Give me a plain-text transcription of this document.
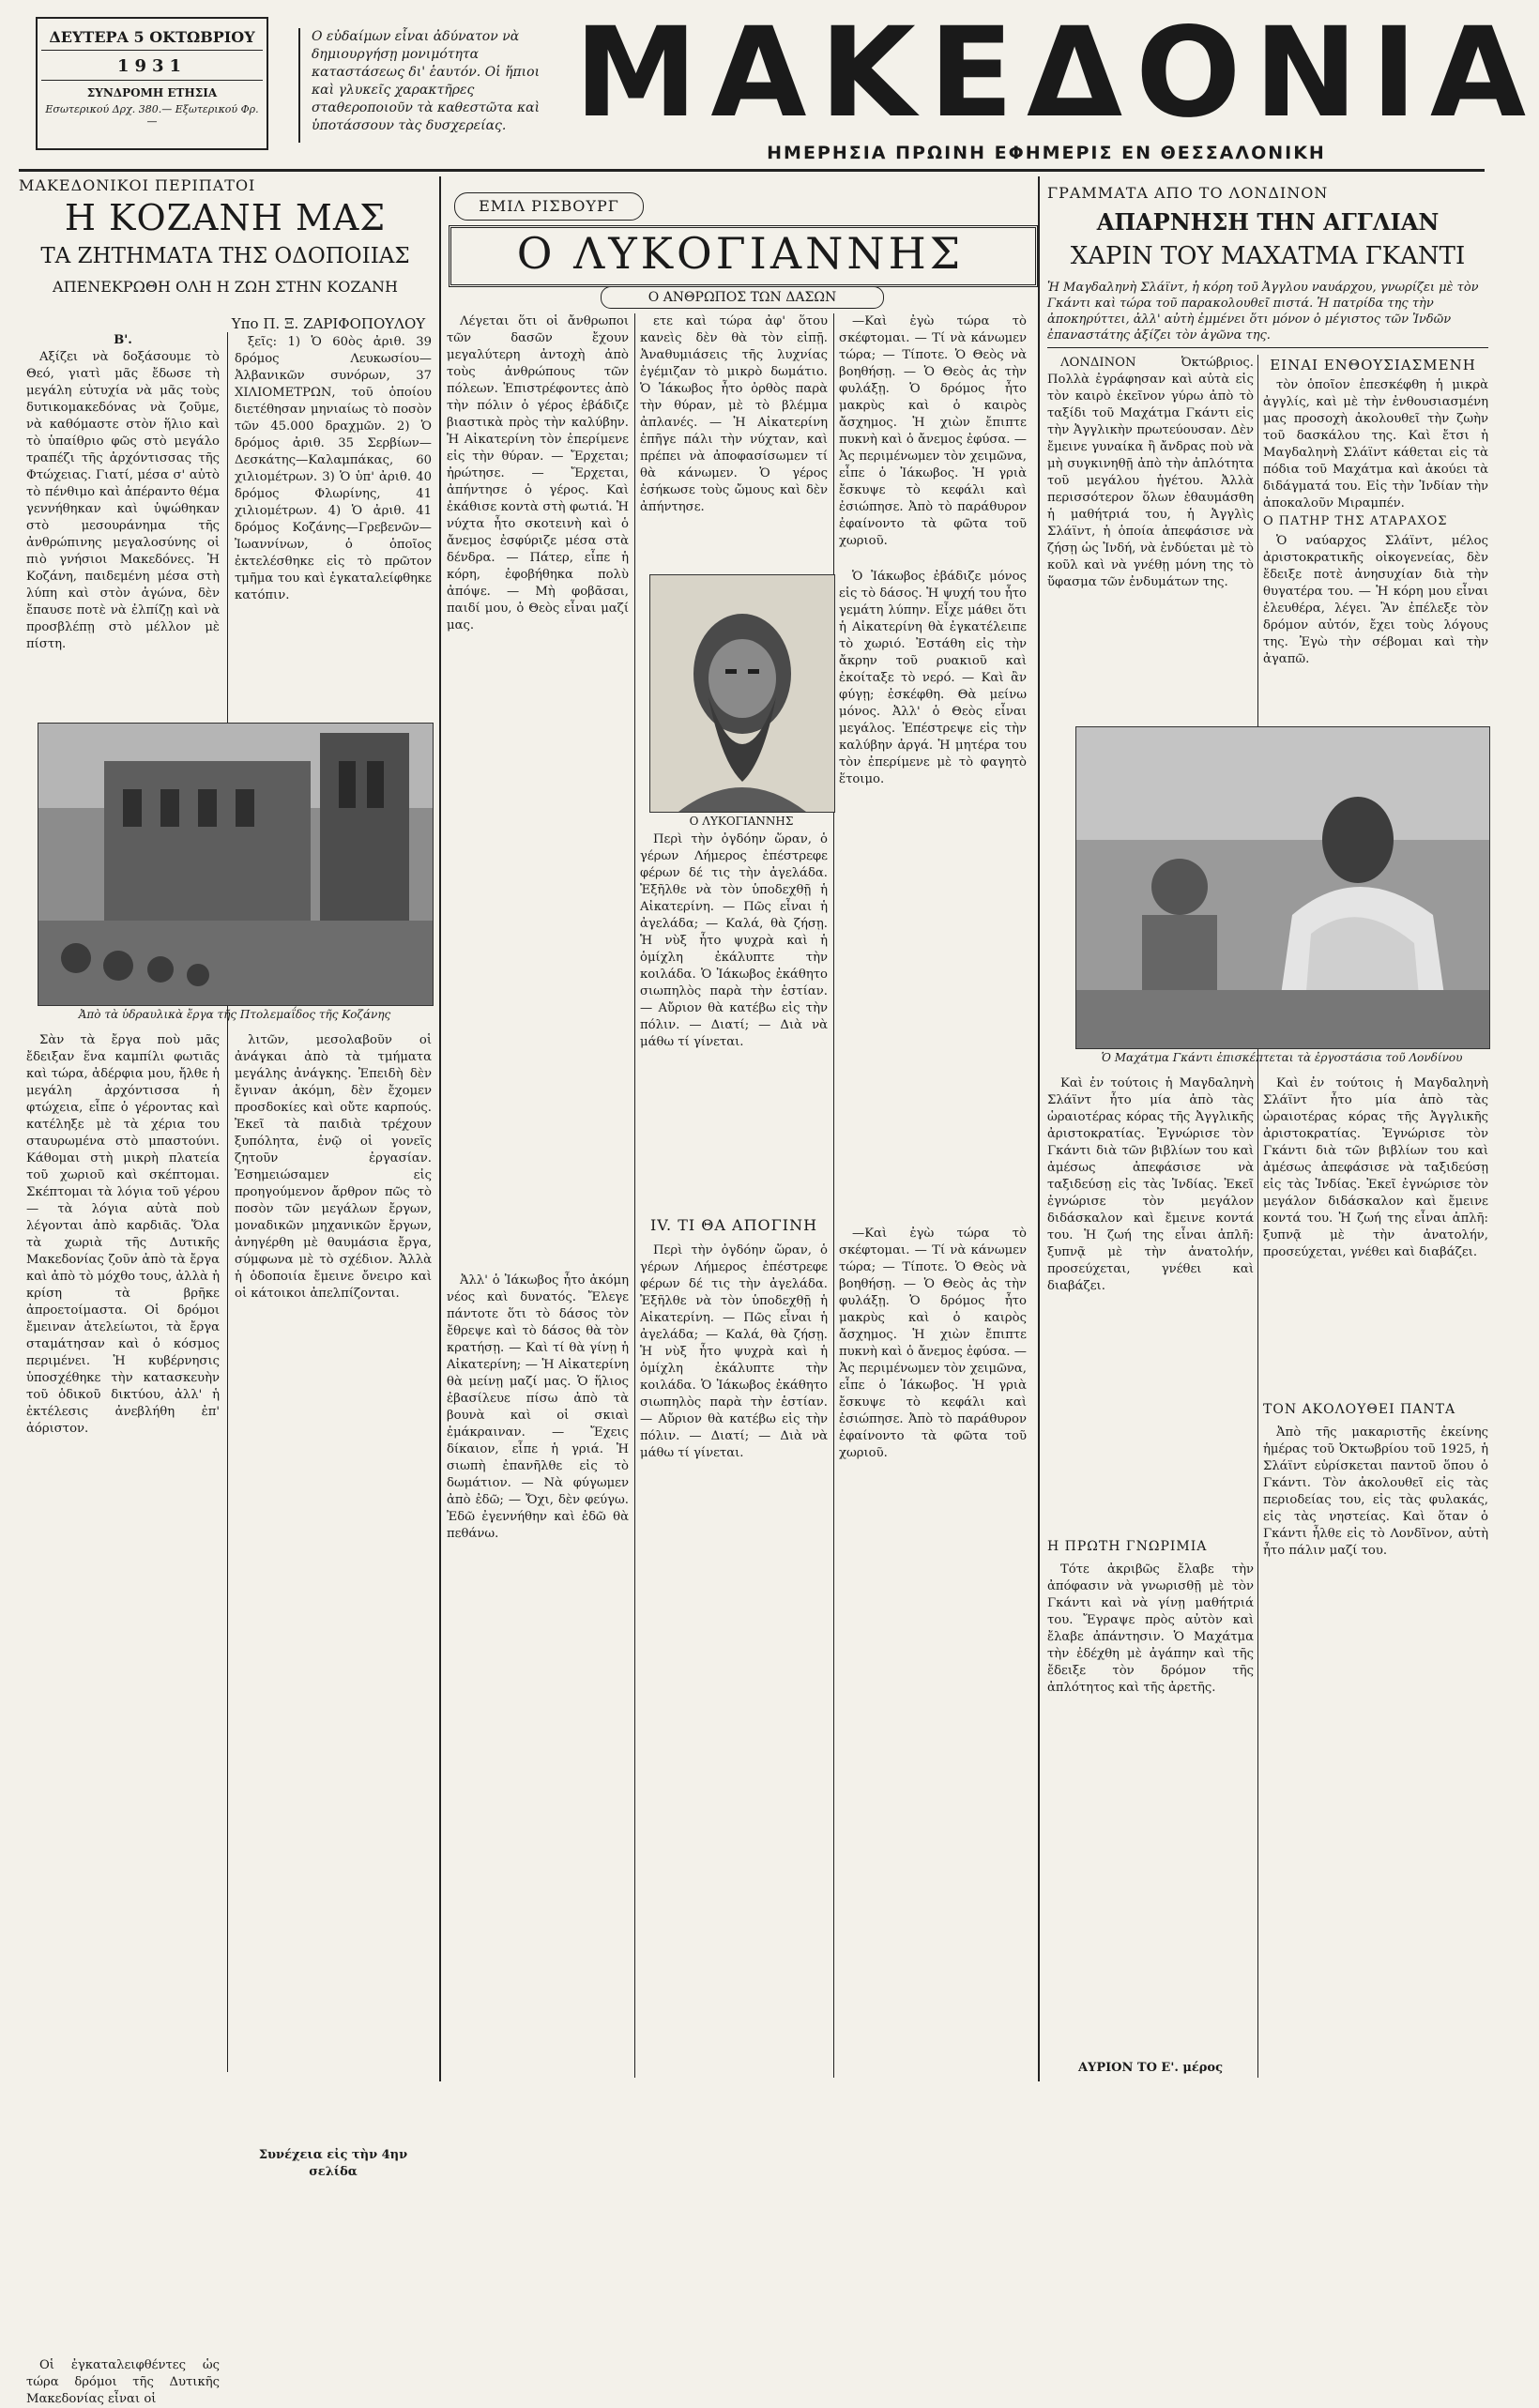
ΔΕΥΤΕΡΑ 5 ΟΚΤΩΒΡΙΟΥ
1931
ΣΥΝΔΡΟΜΗ ΕΤΗΣΙΑ
Εσωτερικού Δρχ. 380.— Εξωτερικού Φρ.—
Ο εὐδαίμων εἶναι ἀδύνατον νὰ δημιουργήσῃ μονιμότητα καταστάσεως δι' ἑαυτόν. Οἱ ἥπιοι καὶ γλυκεῖς χαρακτῆρες σταθεροποιοῦν τὰ καθεστῶτα καὶ ὑποτάσσουν τὰς δυσχερείας. ΜΑΚΕΔΟΝΙΑ
ΗΜΕΡΗΣΙΑ ΠΡΩΙΝΗ ΕΦΗΜΕΡΙΣ ΕΝ ΘΕΣΣΑΛΟΝΙΚΗ
ΜΑΚΕΔΟΝΙΚΟΙ ΠΕΡΙΠΑΤΟΙ
Η ΚΟΖΑΝΗ ΜΑΣ
ΤΑ ΖΗΤΗΜΑΤΑ ΤΗΣ ΟΔΟΠΟΙΙΑΣ
ΑΠΕΝΕΚΡΩΘΗ ΟΛΗ Η ΖΩΗ ΣΤΗΝ ΚΟΖΑΝΗ
Υπο Π. Ξ. ΖΑΡΙΦΟΠΟΥΛΟΥ
Β'.

Αξίζει νὰ δοξάσουμε τὸ Θεό, γιατὶ μᾶς ἔδωσε τὴ μεγάλη εὐτυχία νὰ μᾶς τοὺς δυτικομακεδόνας νὰ ζοῦμε, νὰ καθόμαστε στὸν ἥλιο καὶ τὸ ὑπαίθριο φῶς στὸ μεγάλο τραπέζι τῆς ἀρχόντισσας τῆς Φτώχειας. Γιατί, μέσα σ' αὐτὸ τὸ πένθιμο καὶ ἀπέραντο θέμα γεννήθηκαν καὶ ὑψώθηκαν στὸ μεσουράνημα τῆς ἀνθρώπινης μεγαλοσύνης οἱ πιὸ γνήσιοι Μακεδόνες. Ἡ Κοζάνη, παιδεμένη μέσα στὴ λύπη καὶ στὸν ἀγώνα, δὲν ἔπαυσε ποτὲ νὰ ἐλπίζῃ καὶ νὰ προσβλέπῃ στὸ μέλλον μὲ πίστη.

ξεῖς: 1) Ὁ 60ὸς ἀριθ. 39 δρόμος Λευκωσίου—Ἀλβανικῶν συνόρων, 37 ΧΙΛΙΟΜΕΤΡΩΝ, τοῦ ὁποίου διετέθησαν μηνιαίως τὸ ποσὸν τῶν 45.000 δραχμῶν. 2) Ὁ δρόμος ἀριθ. 35 Σερβίων—Δεσκάτης—Καλαμπάκας, 60 χιλιομέτρων. 3) Ὁ ὑπ' ἀριθ. 40 δρόμος Φλωρίνης, 41 χιλιομέτρων. 4) Ὁ ἀριθ. 41 δρόμος Κοζάνης—Γρεβενῶν—Ἰωαννίνων, ὁ ὁποῖος ἐκτελέσθηκε εἰς τὸ πρῶτον τμῆμα του καὶ ἐγκαταλείφθηκε κατόπιν.

Ἀπὸ τὰ ὑδραυλικὰ ἔργα τῆς Πτολεμαΐδος τῆς Κοζάνης

Σὰν τὰ ἔργα ποὺ μᾶς ἔδειξαν ἕνα καμπίλι φωτιᾶς καὶ τώρα, ἀδέρφια μου, ἤλθε ἡ μεγάλη ἀρχόντισσα ἡ φτώχεια, εἶπε ὁ γέροντας καὶ κατέληξε μὲ τὰ χέρια του σταυρωμένα στὸ μπαστούνι. Κάθομαι στὴ μικρὴ πλατεία τοῦ χωριοῦ καὶ σκέπτομαι. Σκέπτομαι τὰ λόγια τοῦ γέρου — τὰ λόγια αὐτὰ ποὺ λέγονται ἀπὸ καρδιᾶς. Ὅλα τὰ χωριὰ τῆς Δυτικῆς Μακεδονίας ζοῦν ἀπὸ τὰ ἔργα καὶ ἀπὸ τὸ μόχθο τους, ἀλλὰ ἡ κρίση τὰ βρῆκε ἀπροετοίμαστα. Οἱ δρόμοι ἔμειναν ἀτελείωτοι, τὰ ἔργα σταμάτησαν καὶ ὁ κόσμος περιμένει. Ἡ κυβέρνησις ὑποσχέθηκε τὴν κατασκευὴν τοῦ ὁδικοῦ δικτύου, ἀλλ' ἡ ἐκτέλεσις ἀνεβλήθη ἐπ' ἀόριστον.

Οἱ ἐγκαταλειφθέντες ὡς τώρα δρόμοι τῆς Δυτικῆς Μακεδονίας εἶναι οἱ

λιτῶν, μεσολαβοῦν οἱ ἀνάγκαι ἀπὸ τὰ τμήματα μεγάλης ἀνάγκης. Ἐπειδὴ δὲν ἔγιναν ἀκόμη, δὲν ἔχομεν προσδοκίες καὶ οὔτε καρπούς. Ἐκεῖ τὰ παιδιὰ τρέχουν ξυπόλητα, ἐνῷ οἱ γονεῖς ζητοῦν ἐργασίαν. Ἐσημειώσαμεν εἰς προηγούμενον ἄρθρον πῶς τὸ ποσὸν τῶν μεγάλων ἔργων, μοναδικῶν μηχανικῶν ἔργων, ἀνηγέρθη μὲ θαυμάσια ἔργα, σύμφωνα μὲ τὸ σχέδιον. Ἀλλὰ ἡ ὁδοποιία ἔμεινε ὄνειρο καὶ οἱ κάτοικοι ἀπελπίζονται.

Συνέχεια εἰς τὴν 4ην σελίδα
ΕΜΙΛ ΡΙΣΒΟΥΡΓ
Ο ΛΥΚΟΓΙΑΝΝΗΣ
Ο ΑΝΘΡΩΠΟΣ ΤΩΝ ΔΑΣΩΝ

Λέγεται ὅτι οἱ ἄνθρωποι τῶν δασῶν ἔχουν μεγαλύτερη ἀντοχὴ ἀπὸ τοὺς ἀνθρώπους τῶν πόλεων. Ἐπιστρέφοντες ἀπὸ τὴν πόλιν ὁ γέρος ἐβάδιζε βιαστικὰ πρὸς τὴν καλύβην. Ἡ Αἰκατερίνη τὸν ἐπερίμενε εἰς τὴν θύραν. — Ἔρχεται; ἠρώτησε. — Ἔρχεται, ἀπήντησε ὁ γέρος. Καὶ ἐκάθισε κοντὰ στὴ φωτιά. Ἡ νύχτα ἦτο σκοτεινὴ καὶ ὁ ἄνεμος ἐσφύριζε μέσα στὰ δένδρα. — Πάτερ, εἶπε ἡ κόρη, ἐφοβήθηκα πολὺ ἀπόψε. — Μὴ φοβᾶσαι, παιδί μου, ὁ Θεὸς εἶναι μαζί μας.

ετε καὶ τώρα ἀφ' ὅτου κανεὶς δὲν θὰ τὸν εἰπῇ. Ἀναθυμιάσεις τῆς λυχνίας ἐγέμιζαν τὸ μικρὸ δωμάτιο. Ὁ Ἰάκωβος ἦτο ὀρθὸς παρὰ τὴν θύραν, μὲ τὸ βλέμμα ἀπλανές. — Ἡ Αἰκατερίνη ἐπῆγε πάλι τὴν νύχταν, καὶ πρέπει νὰ ἀποφασίσωμεν τί θὰ κάνωμεν. Ὁ γέρος ἐσήκωσε τοὺς ὤμους καὶ δὲν ἀπήντησε.

—Καὶ ἐγὼ τώρα τὸ σκέφτομαι. — Τί νὰ κάνωμεν τώρα; — Τίποτε. Ὁ Θεὸς νὰ βοηθήσῃ. — Ὁ Θεὸς ἀς τὴν φυλάξῃ. Ὁ δρόμος ἦτο μακρὺς καὶ ὁ καιρὸς ἄσχημος. Ἡ χιὼν ἔπιπτε πυκνὴ καὶ ὁ ἄνεμος ἐφύσα. — Ἀς περιμένωμεν τὸν χειμῶνα, εἶπε ὁ Ἰάκωβος. Ἡ γριὰ ἔσκυψε τὸ κεφάλι καὶ ἐσιώπησε. Ἀπὸ τὸ παράθυρον ἐφαίνοντο τὰ φῶτα τοῦ χωριοῦ.

Ο ΛΥΚΟΓΙΑΝΝΗΣ

Περὶ τὴν ὀγδόην ὥραν, ὁ γέρων Λήμερος ἐπέστρεφε φέρων δέ τις τὴν ἀγελάδα. Ἐξῆλθε νὰ τὸν ὑποδεχθῇ ἡ Αἰκατερίνη. — Πῶς εἶναι ἡ ἀγελάδα; — Καλά, θὰ ζήσῃ. Ἡ νὺξ ἦτο ψυχρὰ καὶ ἡ ὁμίχλη ἐκάλυπτε τὴν κοιλάδα. Ὁ Ἰάκωβος ἐκάθητο σιωπηλὸς παρὰ τὴν ἑστίαν. — Αὔριον θὰ κατέβω εἰς τὴν πόλιν. — Διατί; — Διὰ νὰ μάθω τί γίνεται.

Ὁ Ἰάκωβος ἐβάδιζε μόνος εἰς τὸ δάσος. Ἡ ψυχή του ἦτο γεμάτη λύπην. Εἶχε μάθει ὅτι ἡ Αἰκατερίνη θὰ ἐγκατέλειπε τὸ χωριό. Ἐστάθη εἰς τὴν ἄκρην τοῦ ρυακιοῦ καὶ ἐκοίταξε τὸ νερό. — Καὶ ἂν φύγῃ; ἐσκέφθη. Θὰ μείνω μόνος. Ἀλλ' ὁ Θεὸς εἶναι μεγάλος. Ἐπέστρεψε εἰς τὴν καλύβην ἀργά. Ἡ μητέρα του τὸν ἐπερίμενε μὲ τὸ φαγητὸ ἕτοιμο.

IV. ΤΙ ΘΑ ΑΠΟΓΙΝΗ

Ἀλλ' ὁ Ἰάκωβος ἦτο ἀκόμη νέος καὶ δυνατός. Ἔλεγε πάντοτε ὅτι τὸ δάσος τὸν ἔθρεψε καὶ τὸ δάσος θὰ τὸν κρατήσῃ. — Καὶ τί θὰ γίνῃ ἡ Αἰκατερίνη; — Ἡ Αἰκατερίνη θὰ μείνῃ μαζί μας. Ὁ ἥλιος ἐβασίλευε πίσω ἀπὸ τὰ βουνὰ καὶ οἱ σκιαὶ ἐμάκραιναν. — Ἔχεις δίκαιον, εἶπε ἡ γριά. Ἡ σιωπὴ ἐπανῆλθε εἰς τὸ δωμάτιον. — Νὰ φύγωμεν ἀπὸ ἐδῶ; — Ὄχι, δὲν φεύγω. Ἐδῶ ἐγεννήθην καὶ ἐδῶ θὰ πεθάνω.

Περὶ τὴν ὀγδόην ὥραν, ὁ γέρων Λήμερος ἐπέστρεφε φέρων δέ τις τὴν ἀγελάδα. Ἐξῆλθε νὰ τὸν ὑποδεχθῇ ἡ Αἰκατερίνη. — Πῶς εἶναι ἡ ἀγελάδα; — Καλά, θὰ ζήσῃ. Ἡ νὺξ ἦτο ψυχρὰ καὶ ἡ ὁμίχλη ἐκάλυπτε τὴν κοιλάδα. Ὁ Ἰάκωβος ἐκάθητο σιωπηλὸς παρὰ τὴν ἑστίαν. — Αὔριον θὰ κατέβω εἰς τὴν πόλιν. — Διατί; — Διὰ νὰ μάθω τί γίνεται.

—Καὶ ἐγὼ τώρα τὸ σκέφτομαι. — Τί νὰ κάνωμεν τώρα; — Τίποτε. Ὁ Θεὸς νὰ βοηθήσῃ. — Ὁ Θεὸς ἀς τὴν φυλάξῃ. Ὁ δρόμος ἦτο μακρὺς καὶ ὁ καιρὸς ἄσχημος. Ἡ χιὼν ἔπιπτε πυκνὴ καὶ ὁ ἄνεμος ἐφύσα. — Ἀς περιμένωμεν τὸν χειμῶνα, εἶπε ὁ Ἰάκωβος. Ἡ γριὰ ἔσκυψε τὸ κεφάλι καὶ ἐσιώπησε. Ἀπὸ τὸ παράθυρον ἐφαίνοντο τὰ φῶτα τοῦ χωριοῦ.

ΓΡΑΜΜΑΤΑ ΑΠΟ ΤΟ ΛΟΝΔΙΝΟΝ
ΑΠΑΡΝΗΣΗ ΤΗΝ ΑΓΓΛΙΑΝ
ΧΑΡΙΝ ΤΟΥ ΜΑΧΑΤΜΑ ΓΚΑΝΤΙ
Ἡ Μαγδαληνὴ Σλάϊντ, ἡ κόρη τοῦ Ἀγγλου ναυάρχου, γνωρίζει μὲ τὸν Γκάντι καὶ τώρα τοῦ παρακολουθεῖ πιστά. Ἡ πατρίδα της τὴν ἀποκηρύττει, ἀλλ' αὐτὴ ἐμμένει ὅτι μόνον ὁ μέγιστος τῶν Ἰνδῶν ἐπαναστάτης ἀξίζει τὸν ἀγῶνα της.
ΕΙΝΑΙ ΕΝΘΟΥΣΙΑΣΜΕΝΗ

ΛΟΝΔΙΝΟΝ Ὀκτώβριος. Πολλὰ ἐγράφησαν καὶ αὐτὰ εἰς τὸν καιρὸ ἐκεῖνον γύρω ἀπὸ τὸ ταξίδι τοῦ Μαχάτμα Γκάντι εἰς τὴν Ἀγγλικὴν πρωτεύουσαν. Δὲν ἔμεινε γυναίκα ἢ ἄνδρας ποὺ νὰ μὴ συγκινηθῇ ἀπὸ τὴν ἀπλότητα τοῦ μεγάλου ἡγέτου. Ἀλλὰ περισσότερον ὅλων ἐθαυμάσθη ἡ μαθήτριά του, ἡ Ἀγγλὶς Σλάϊντ, ἡ ὁποία ἀπεφάσισε νὰ ζήσῃ ὡς Ἰνδή, νὰ ἐνδύεται μὲ τὸ κοῦλ καὶ νὰ γνέθῃ μόνη της τὸ ὕφασμα τῶν ἐνδυμάτων της.

τὸν ὁποῖον ἐπεσκέφθη ἡ μικρὰ ἀγγλίς, καὶ μὲ τὴν ἐνθουσιασμένη μας προσοχὴ ἀκολουθεῖ τὴν ζωὴν τοῦ δασκάλου της. Καὶ ἔτσι ἡ Μαγδαληνὴ Σλάϊντ κάθεται εἰς τὰ πόδια τοῦ Μαχάτμα καὶ ἀκούει τὰ διδάγματά του. Εἰς τὴν Ἰνδίαν τὴν ἀποκαλοῦν Μιραμπέν.

Ο ΠΑΤΗΡ ΤΗΣ ΑΤΑΡΑΧΟΣ

Ὁ ναύαρχος Σλάϊντ, μέλος ἀριστοκρατικῆς οἰκογενείας, δὲν ἔδειξε ποτὲ ἀνησυχίαν διὰ τὴν θυγατέρα του. — Ἡ κόρη μου εἶναι ἐλευθέρα, λέγει. Ἂν ἐπέλεξε τὸν δρόμον αὐτόν, ἔχει τοὺς λόγους της. Ἐγὼ τὴν σέβομαι καὶ τὴν ἀγαπῶ.

Ὁ Μαχάτμα Γκάντι ἐπισκέπτεται τὰ ἐργοστάσια τοῦ Λονδίνου

Καὶ ἐν τούτοις ἡ Μαγδαληνὴ Σλάϊντ ἦτο μία ἀπὸ τὰς ὡραιοτέρας κόρας τῆς Ἀγγλικῆς ἀριστοκρατίας. Ἐγνώρισε τὸν Γκάντι διὰ τῶν βιβλίων του καὶ ἀμέσως ἀπεφάσισε νὰ ταξιδεύσῃ εἰς τὰς Ἰνδίας. Ἐκεῖ ἐγνώρισε τὸν μεγάλον διδάσκαλον καὶ ἔμεινε κοντά του. Ἡ ζωή της εἶναι ἀπλῆ: ξυπνᾷ μὲ τὴν ἀνατολήν, προσεύχεται, γνέθει καὶ διαβάζει.

Η ΠΡΩΤΗ ΓΝΩΡΙΜΙΑ

Τότε ἀκριβῶς ἔλαβε τὴν ἀπόφασιν νὰ γνωρισθῇ μὲ τὸν Γκάντι καὶ νὰ γίνῃ μαθήτριά του. Ἔγραψε πρὸς αὐτὸν καὶ ἔλαβε ἀπάντησιν. Ὁ Μαχάτμα τὴν ἐδέχθη μὲ ἀγάπην καὶ τῆς ἔδειξε τὸν δρόμον τῆς ἀπλότητος καὶ τῆς ἀρετῆς.

ΑΥΡΙΟΝ ΤΟ Ε'. μέρος

Καὶ ἐν τούτοις ἡ Μαγδαληνὴ Σλάϊντ ἦτο μία ἀπὸ τὰς ὡραιοτέρας κόρας τῆς Ἀγγλικῆς ἀριστοκρατίας. Ἐγνώρισε τὸν Γκάντι διὰ τῶν βιβλίων του καὶ ἀμέσως ἀπεφάσισε νὰ ταξιδεύσῃ εἰς τὰς Ἰνδίας. Ἐκεῖ ἐγνώρισε τὸν μεγάλον διδάσκαλον καὶ ἔμεινε κοντά του. Ἡ ζωή της εἶναι ἀπλῆ: ξυπνᾷ μὲ τὴν ἀνατολήν, προσεύχεται, γνέθει καὶ διαβάζει.

ΤΟΝ ΑΚΟΛΟΥΘΕΙ ΠΑΝΤΑ

Ἀπὸ τῆς μακαριστῆς ἐκείνης ἡμέρας τοῦ Ὀκτωβρίου τοῦ 1925, ἡ Σλάϊντ εὑρίσκεται παντοῦ ὅπου ὁ Γκάντι. Τὸν ἀκολουθεῖ εἰς τὰς περιοδείας του, εἰς τὰς φυλακάς, εἰς τὰς νηστείας. Καὶ ὅταν ὁ Γκάντι ἦλθε εἰς τὸ Λονδῖνον, αὐτὴ ἦτο πάλιν μαζί του.
